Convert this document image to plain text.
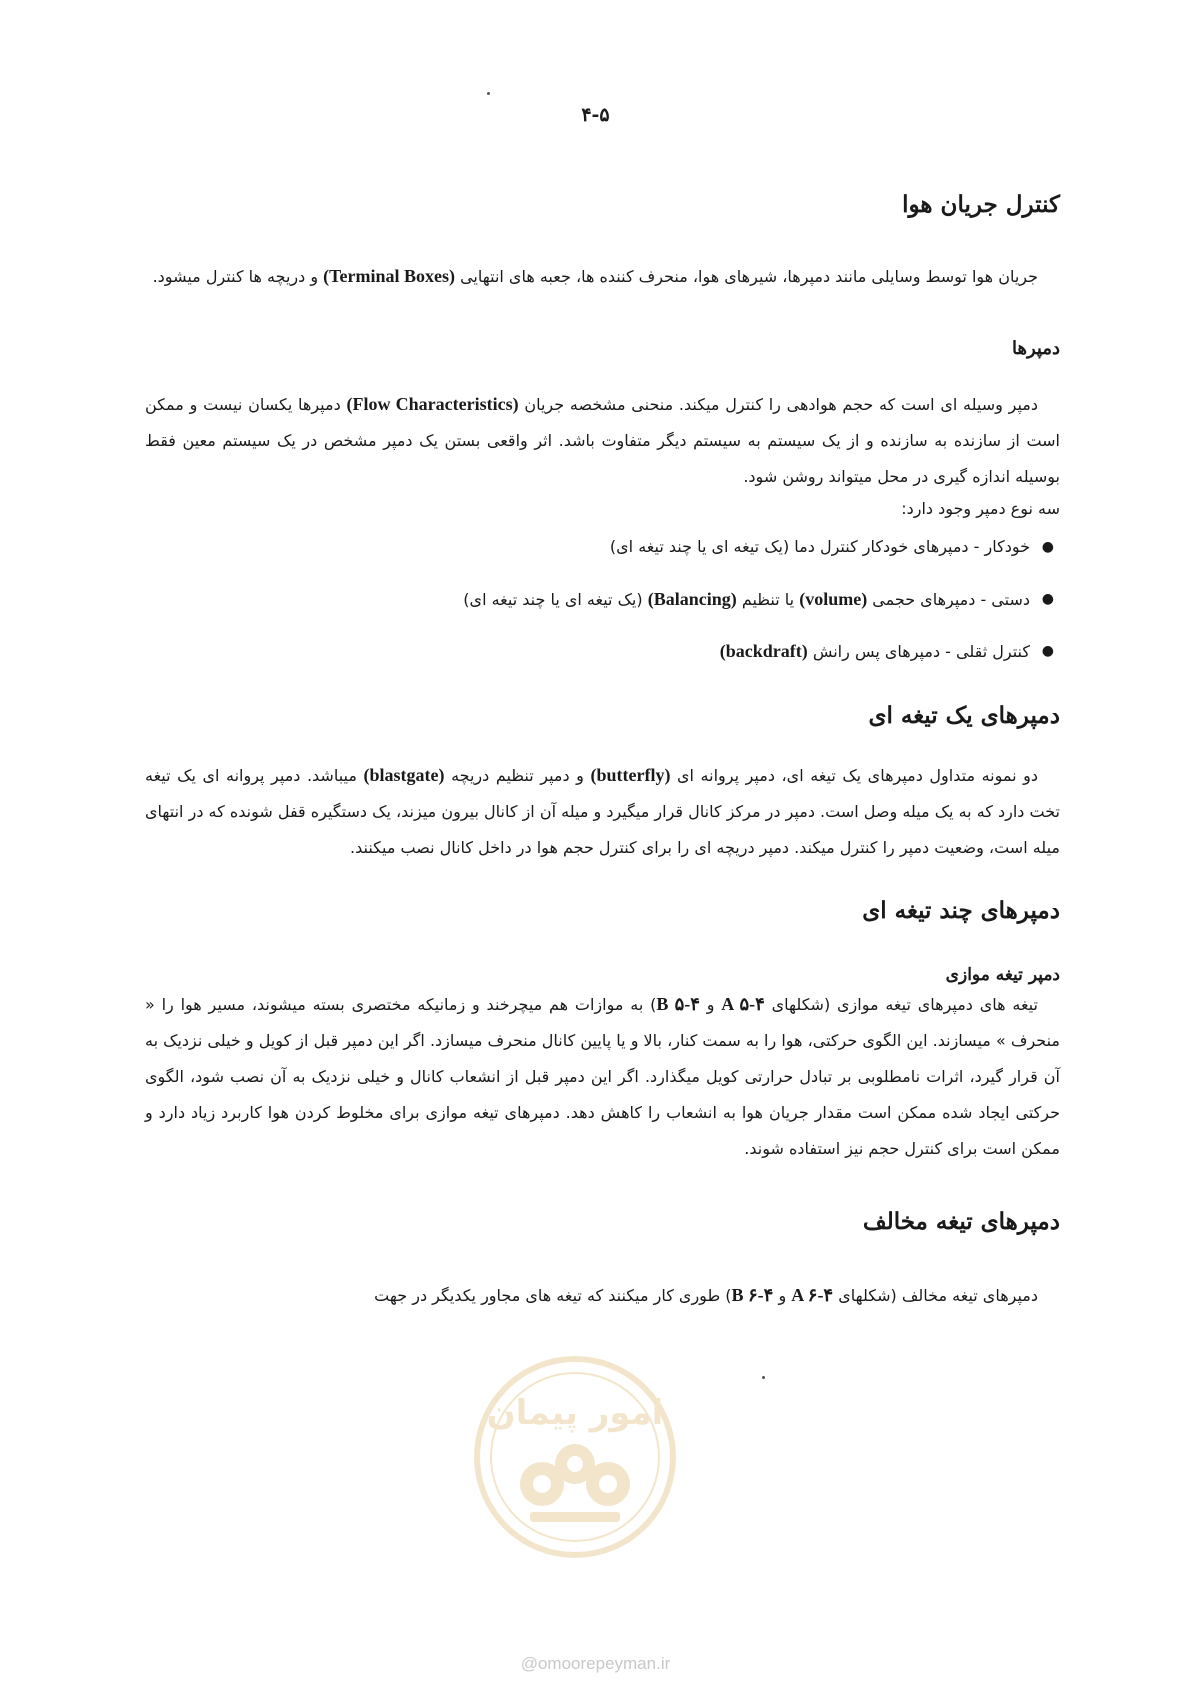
۴-۵
کنترل جریان هوا

جریان هوا توسط وسایلی مانند دمپرها، شیرهای هوا، منحرف کننده ها، جعبه های انتهایی (Terminal Boxes) و دریچه ها کنترل میشود.

دمپرها

دمپر وسیله ای است که حجم هوادهی را کنترل میکند. منحنی مشخصه جریان (Flow Characteristics) دمپرها یکسان نیست و ممکن است از سازنده به سازنده و از یک سیستم به سیستم دیگر متفاوت باشد. اثر واقعی بستن یک دمپر مشخص در یک سیستم معین فقط بوسیله اندازه گیری در محل میتواند روشن شود.

سه نوع دمپر وجود دارد:

●
خودکار - دمپرهای خودکار کنترل دما (یک تیغه ای یا چند تیغه ای)
●
دستی - دمپرهای حجمی (volume) یا تنظیم (Balancing) (یک تیغه ای یا چند تیغه ای)
●
کنترل ثقلی - دمپرهای پس رانش (backdraft)
دمپرهای یک تیغه ای

دو نمونه متداول دمپرهای یک تیغه ای، دمپر پروانه ای (butterfly) و دمپر تنظیم دریچه (blastgate) میباشد. دمپر پروانه ای یک تیغه تخت دارد که به یک میله وصل است. دمپر در مرکز کانال قرار میگیرد و میله آن از کانال بیرون میزند، یک دستگیره قفل شونده که در انتهای میله است، وضعیت دمپر را کنترل میکند. دمپر دریچه ای را برای کنترل حجم هوا در داخل کانال نصب میکنند.

دمپرهای چند تیغه ای
دمپر تیغه موازی

تیغه های دمپرهای تیغه موازی (شکلهای A ۵-۴ و B ۵-۴) به موازات هم میچرخند و زمانیکه مختصری بسته میشوند، مسیر هوا را « منحرف » میسازند. این الگوی حرکتی، هوا را به سمت کنار، بالا و یا پایین کانال منحرف میسازد. اگر این دمپر قبل از کویل و خیلی نزدیک به آن قرار گیرد، اثرات نامطلوبی بر تبادل حرارتی کویل میگذارد. اگر این دمپر قبل از انشعاب کانال و خیلی نزدیک به آن نصب شود، الگوی حرکتی ایجاد شده ممکن است مقدار جریان هوا به انشعاب را کاهش دهد. دمپرهای تیغه موازی برای مخلوط کردن هوا کاربرد زیاد دارد و ممکن است برای کنترل حجم نیز استفاده شوند.

دمپرهای تیغه مخالف

دمپرهای تیغه مخالف (شکلهای A ۶-۴ و B ۶-۴) طوری کار میکنند که تیغه های مجاور یکدیگر در جهت

امور پیمان
@omoorepeyman.ir
